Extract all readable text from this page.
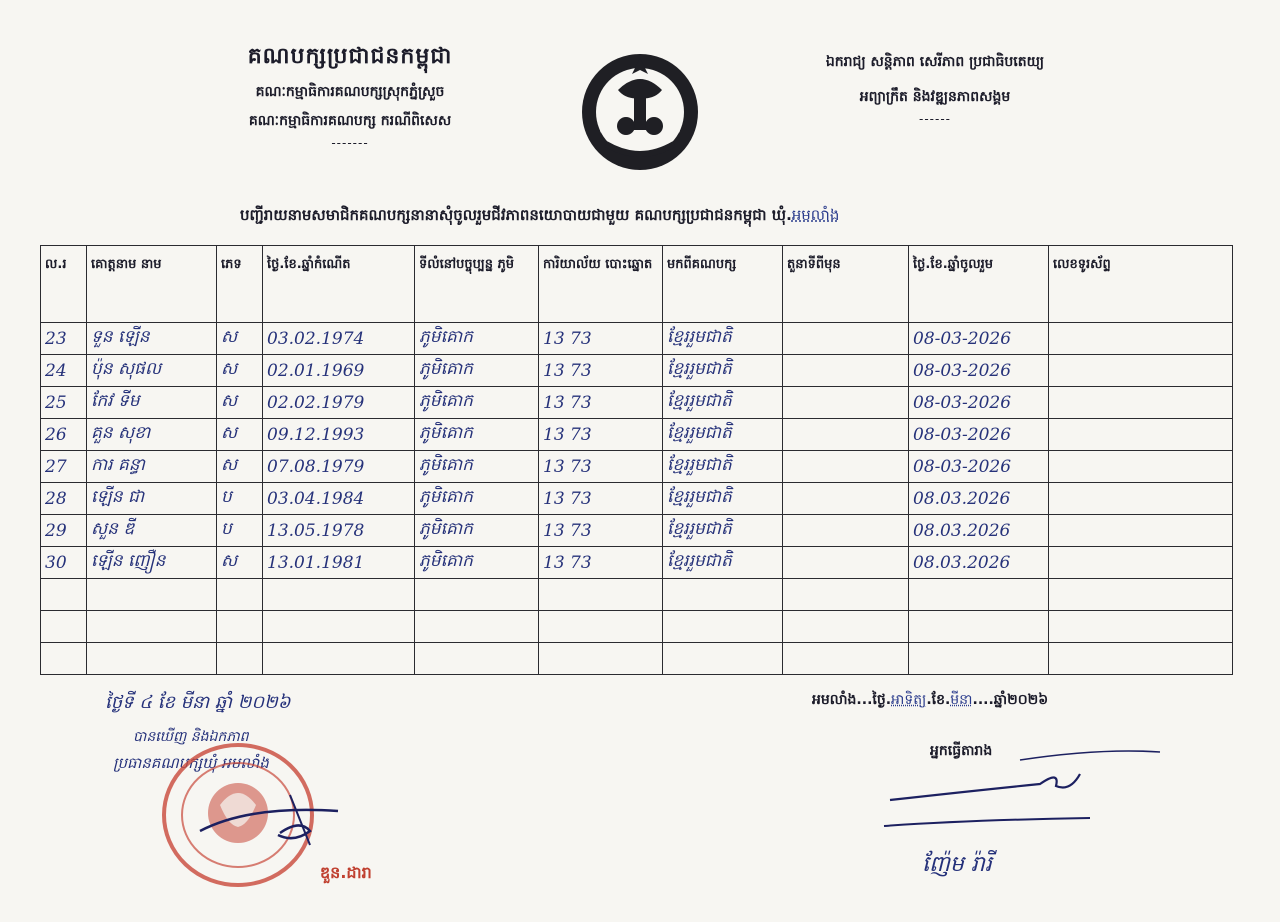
គណបក្សប្រជាជនកម្ពុជា
គណៈកម្មាធិការគណបក្សស្រុកភ្នំស្រួច
គណៈកម្មាធិការគណបក្ស ករណីពិសេស
-------
ឯករាជ្យ សន្តិភាព សេរីភាព ប្រជាធិបតេយ្យ
អព្យាក្រឹត និងវឌ្ឍនភាពសង្គម
------
បញ្ជីរាយនាមសមាជិកគណបក្សនានាសុំចូលរួមជីវភាពនយោបាយជាមួយ គណបក្សប្រជាជនកម្ពុជា ឃុំ.អមលាំង
ល.រ	គោត្តនាម នាម	ភេទ	ថ្ងៃ.ខែ.ឆ្នាំកំណើត	ទីលំនៅបច្ចុប្បន្ន ភូមិ	ការិយាល័យ បោះឆ្នោត	មកពីគណបក្ស	តួនាទីពីមុន	ថ្ងៃ.ខែ.ឆ្នាំចូលរួម	លេខទូរស័ព្ទ
23	ទួន ឡើន	ស	03.02.1974	ភូមិគោក	13 73	ខ្មែររួមជាតិ		08-03-2026	
24	ប៉ុន សុផល	ស	02.01.1969	ភូមិគោក	13 73	ខ្មែររួមជាតិ		08-03-2026	
25	កែវ ទីម	ស	02.02.1979	ភូមិគោក	13 73	ខ្មែររួមជាតិ		08-03-2026	
26	គួន សុខា	ស	09.12.1993	ភូមិគោក	13 73	ខ្មែររួមជាតិ		08-03-2026	
27	ការ គន្ធា	ស	07.08.1979	ភូមិគោក	13 73	ខ្មែររួមជាតិ		08-03-2026	
28	ឡើន ជា	ប	03.04.1984	ភូមិគោក	13 73	ខ្មែររួមជាតិ		08.03.2026	
29	សួន ឌី	ប	13.05.1978	ភូមិគោក	13 73	ខ្មែររួមជាតិ		08.03.2026	
30	ឡើន ញឿន	ស	13.01.1981	ភូមិគោក	13 73	ខ្មែររួមជាតិ		08.03.2026	

ថ្ងៃទី ៤ ខែ មីនា ឆ្នាំ ២០២៦
បានឃើញ និងឯកភាព
ប្រធានគណបក្សឃុំ អមលាំង
ឌួន.ដារា
អមលាំង...ថ្ងៃ.អាទិត្យ.ខែ.មីនា....ឆ្នាំ២០២៦
អ្នកធ្វើតារាង
ញ៉ែម រ៉ារី
